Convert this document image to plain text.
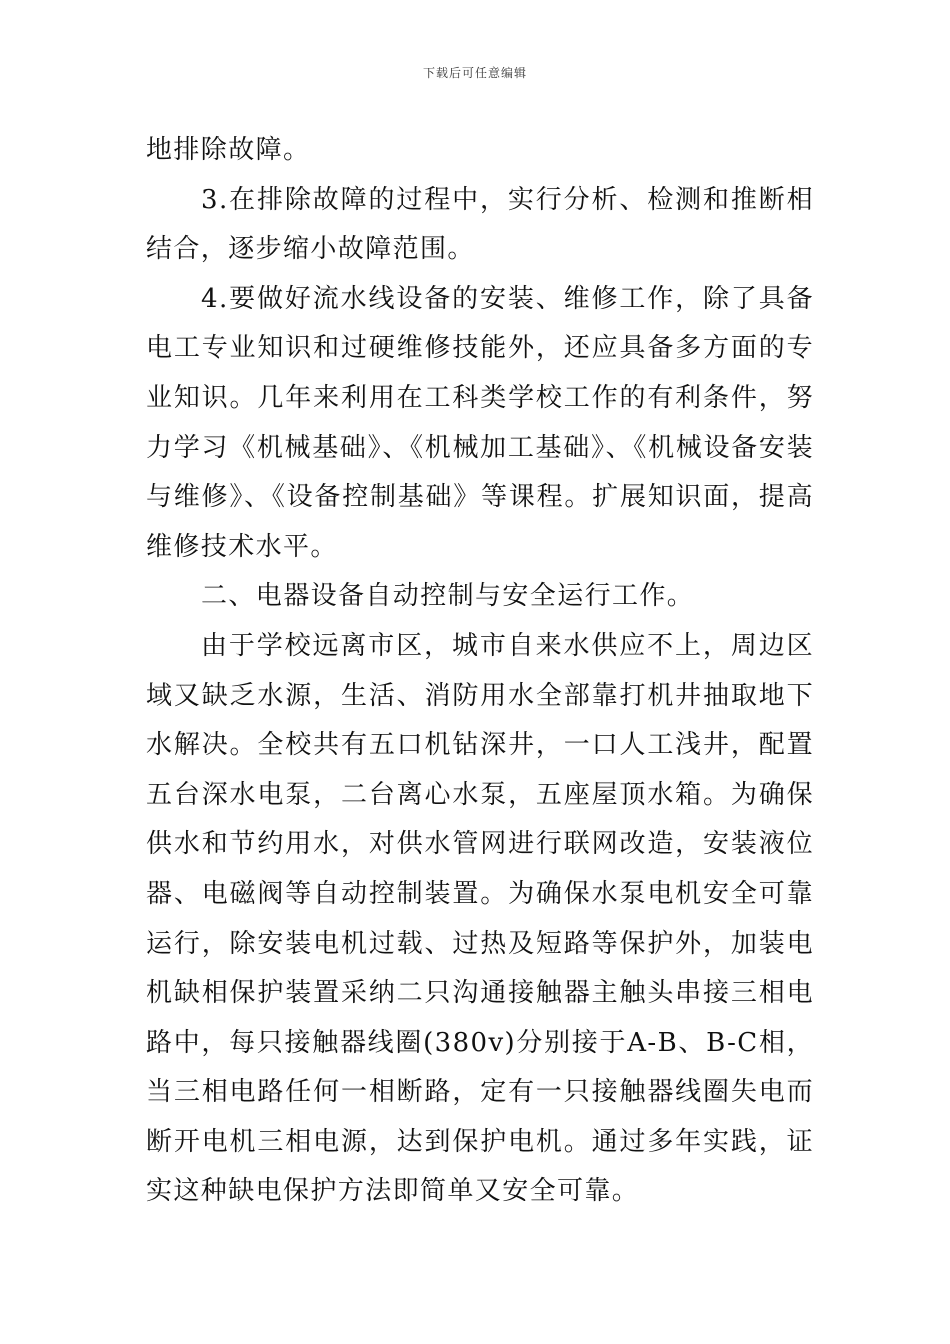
下载后可任意编辑

地排除故障。

3.在排除故障的过程中，实行分析、检测和推断相结合，逐步缩小故障范围。

4.要做好流水线设备的安装、维修工作，除了具备电工专业知识和过硬维修技能外，还应具备多方面的专业知识。几年来利用在工科类学校工作的有利条件，努力学习《机械基础》、《机械加工基础》、《机械设备安装与维修》、《设备控制基础》等课程。扩展知识面，提高维修技术水平。

二、电器设备自动控制与安全运行工作。

由于学校远离市区，城市自来水供应不上，周边区域又缺乏水源，生活、消防用水全部靠打机井抽取地下水解决。全校共有五口机钻深井，一口人工浅井，配置五台深水电泵，二台离心水泵，五座屋顶水箱。为确保供水和节约用水，对供水管网进行联网改造，安装液位器、电磁阀等自动控制装置。为确保水泵电机安全可靠运行，除安装电机过载、过热及短路等保护外，加装电机缺相保护装置采纳二只沟通接触器主触头串接三相电路中，每只接触器线圈(380v)分别接于A-B、B-C相，当三相电路任何一相断路，定有一只接触器线圈失电而断开电机三相电源，达到保护电机。通过多年实践，证实这种缺电保护方法即简单又安全可靠。
